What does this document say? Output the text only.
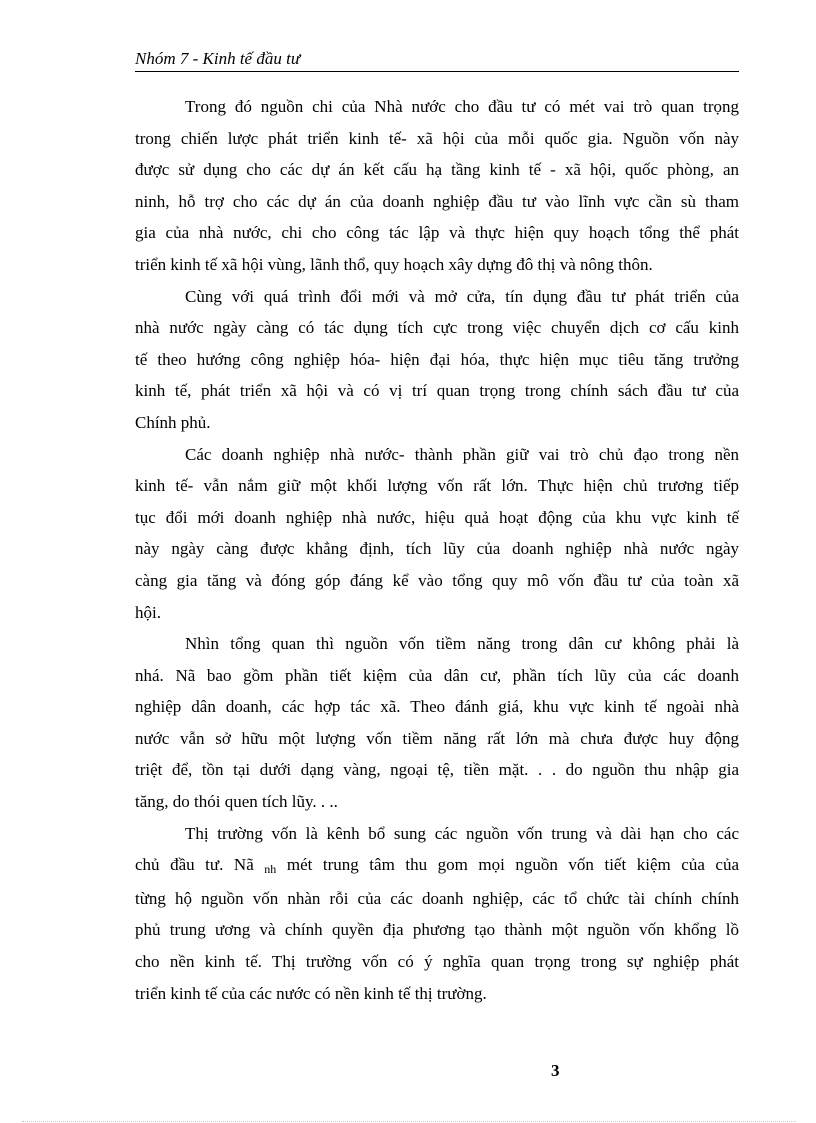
Nhóm 7 - Kinh tế đầu tư

Trong đó nguồn chi của Nhà nước cho đầu tư có mét vai trò quan trọng
trong chiến lược phát triển kinh tế- xã hội của mỗi quốc gia. Nguồn vốn này
được sử dụng cho các dự án kết cấu hạ tầng kinh tế - xã hội, quốc phòng, an
ninh, hỗ trợ cho các dự án của doanh nghiệp đầu tư vào lĩnh vực cần sù tham
gia của nhà nước, chi cho công tác lập và thực hiện quy hoạch tổng thể phát
triển kinh tế xã hội vùng, lãnh thổ, quy hoạch xây dựng đô thị và nông thôn.

Cùng với quá trình đổi mới và mở cửa, tín dụng đầu tư phát triển của
nhà nước ngày càng có tác dụng tích cực trong việc chuyển dịch cơ cấu kinh
tế theo hướng công nghiệp hóa- hiện đại hóa, thực hiện mục tiêu tăng trưởng
kinh tế, phát triển xã hội và có vị trí quan trọng trong chính sách đầu tư của
Chính phủ.

Các doanh nghiệp nhà nước- thành phần giữ vai trò chủ đạo trong nền
kinh tế- vẫn nắm giữ một khối lượng vốn rất lớn. Thực hiện chủ trương tiếp
tục đổi mới doanh nghiệp nhà nước, hiệu quả hoạt động của khu vực kinh tế
này ngày càng được khẳng định, tích lũy của doanh nghiệp nhà nước ngày
càng gia tăng và đóng góp đáng kể vào tổng quy mô vốn đầu tư của toàn xã
hội.

Nhìn tổng quan thì nguồn vốn tiềm năng trong dân cư không phải là
nhá. Nã bao gồm phần tiết kiệm của dân cư, phần tích lũy của các doanh
nghiệp dân doanh, các hợp tác xã. Theo đánh giá, khu vực kinh tế ngoài nhà
nước vẫn sở hữu một lượng vốn tiềm năng rất lớn mà chưa được huy động
triệt để, tồn tại dưới dạng vàng, ngoại tệ, tiền mặt. . . do nguồn thu nhập gia
tăng, do thói quen tích lũy. . ..

Thị trường vốn là kênh bổ sung các nguồn vốn trung và dài hạn cho các
chủ đầu tư. Nã nh mét trung tâm thu gom mọi nguồn vốn tiết kiệm của của
từng hộ nguồn vốn nhàn rỗi của các doanh nghiệp, các tổ chức tài chính chính
phủ trung ương và chính quyền địa phương tạo thành một nguồn vốn khổng lồ
cho nền kinh tế. Thị trường vốn có ý nghĩa quan trọng trong sự nghiệp phát
triển kinh tế của các nước có nền kinh tế thị trường.

3
